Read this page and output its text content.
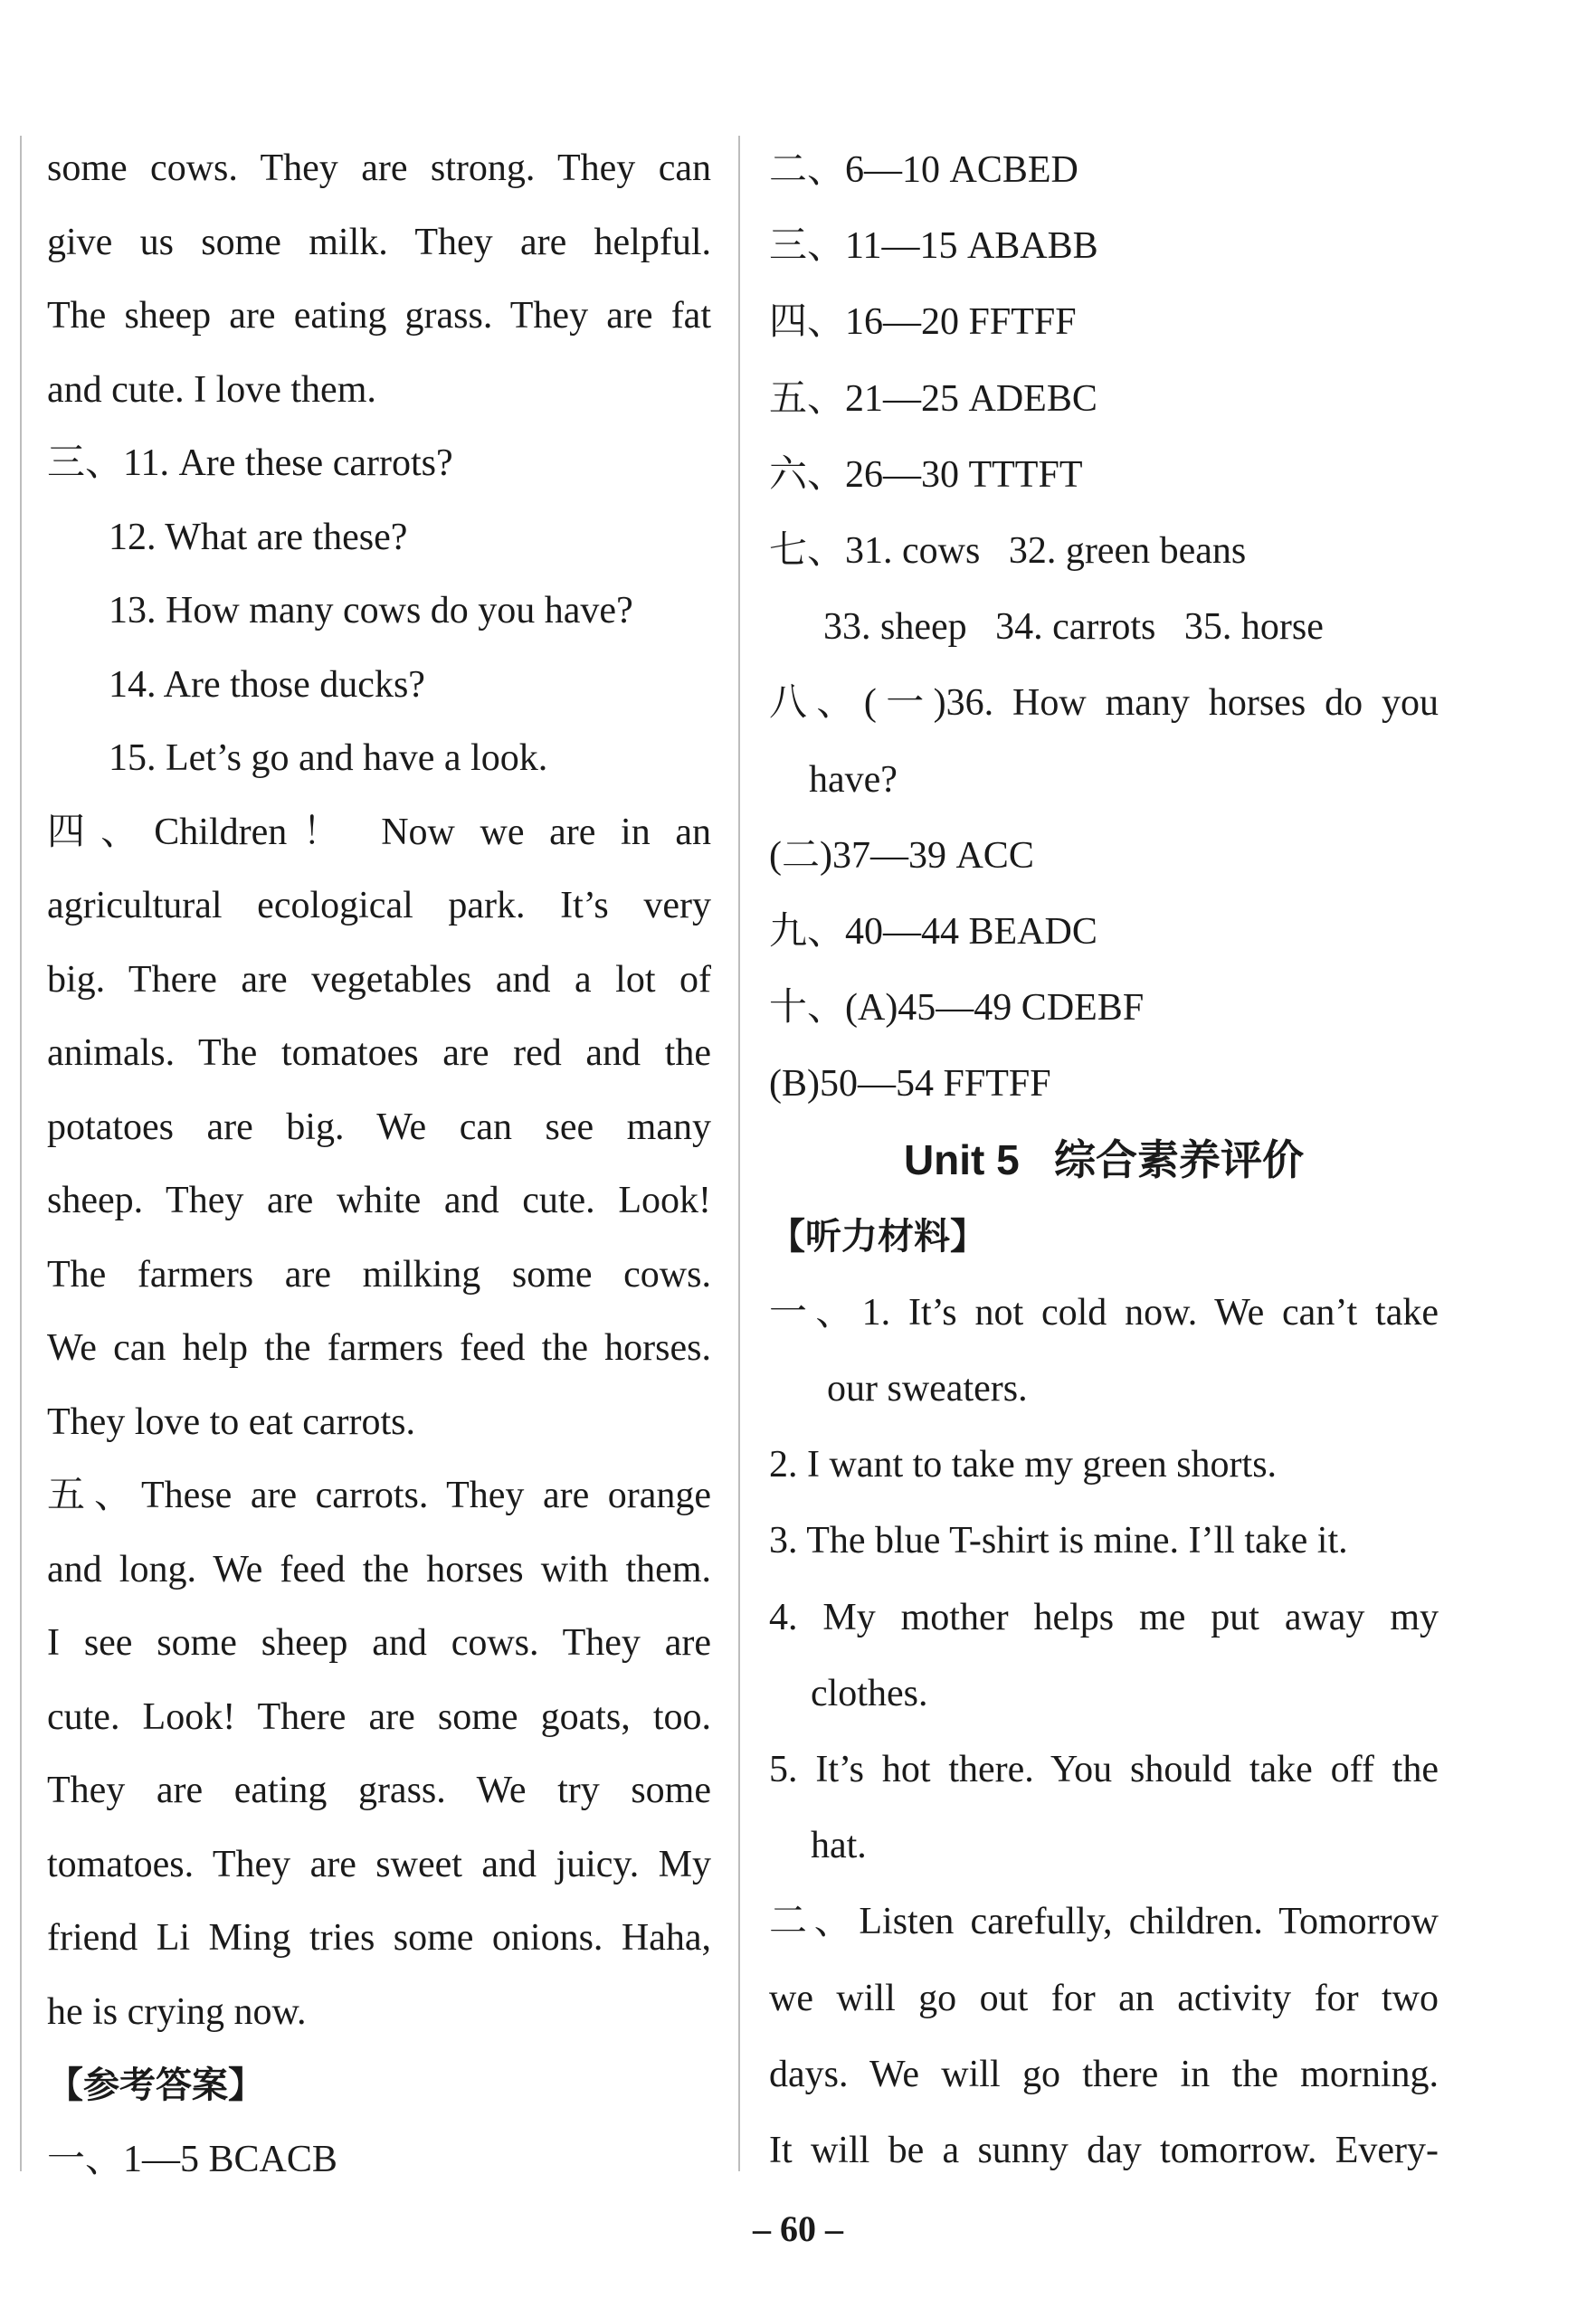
some cows. They are strong. They can
give us some milk. They are helpful.
The sheep are eating grass. They are fat
and cute. I love them.
三、11. Are these carrots?
12. What are these?
13. How many cows do you have?
14. Are those ducks?
15. Let’s go and have a look.
四、Children！ Now we are in an
agricultural ecological park. It’s very
big. There are vegetables and a lot of
animals. The tomatoes are red and the
potatoes are big. We can see many
sheep. They are white and cute. Look!
The farmers are milking some cows.
We can help the farmers feed the horses.
They love to eat carrots.
五、These are carrots. They are orange
and long. We feed the horses with them.
I see some sheep and cows. They are
cute. Look! There are some goats, too.
They are eating grass. We try some
tomatoes. They are sweet and juicy. My
friend Li Ming tries some onions. Haha,
he is crying now.
【参考答案】
一、1—5 BCACB
二、6—10 ACBED
三、11—15 ABABB
四、16—20 FFTFF
五、21—25 ADEBC
六、26—30 TTTFT
七、31. cows   32. green beans
33. sheep   34. carrots   35. horse
八、(一)36. How many horses do you
have?
(二)37—39 ACC
九、40—44 BEADC
十、(A)45—49 CDEBF
(B)50—54 FFTFF
Unit 5   综合素养评价
【听力材料】
一、1. It’s not cold now. We can’t take
our sweaters.
2. I want to take my green shorts.
3. The blue T-shirt is mine. I’ll take it.
4. My mother helps me put away my
clothes.
5. It’s hot there. You should take off the
hat.
二、Listen carefully, children. Tomorrow
we will go out for an activity for two
days. We will go there in the morning.
It will be a sunny day tomorrow. Every-
– 60 –
